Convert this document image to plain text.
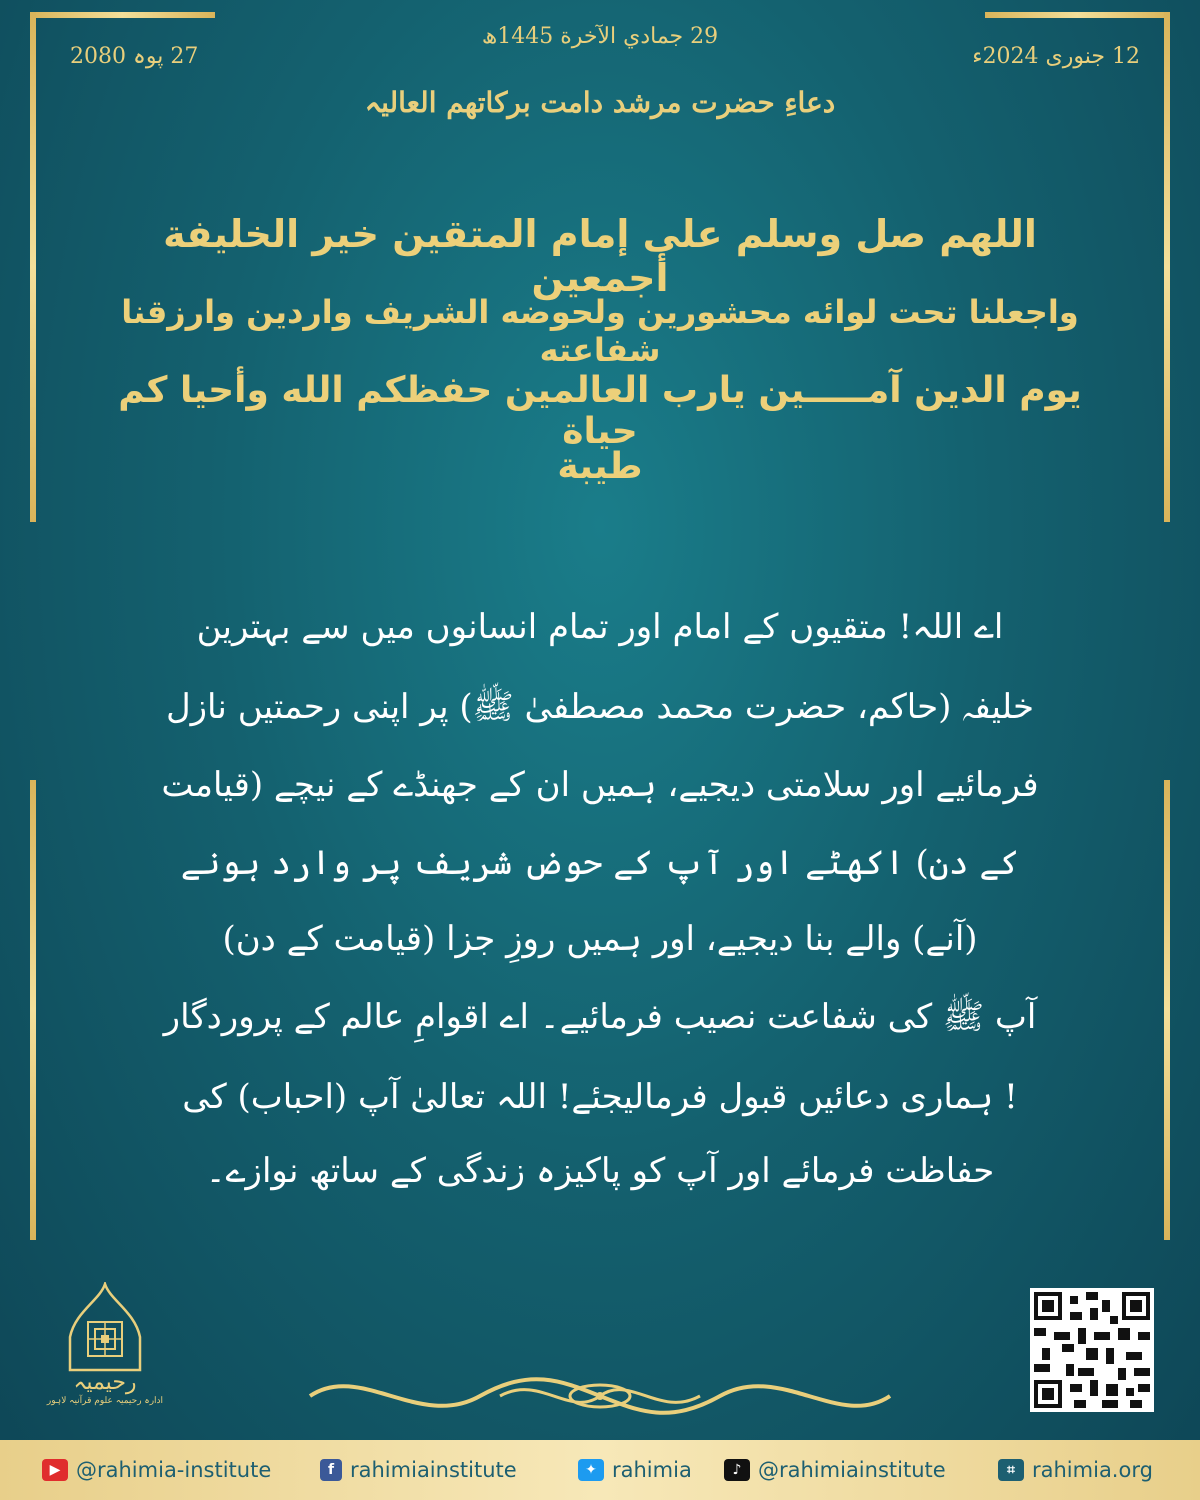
29 جمادي الآخرة 1445ھ
12 جنوری 2024ء
27 پوہ 2080
دعاءِ حضرت مرشد دامت برکاتھم العالیہ
اللهم صل وسلم على إمام المتقين خير الخليفة أجمعين
واجعلنا تحت لوائه محشورين ولحوضه الشريف واردين وارزقنا شفاعته
يوم الدين آمـــــين يارب العالمين حفظكم الله وأحيا كم حياة
طيبة
اے اللہ! متقیوں کے امام اور تمام انسانوں میں سے بہترین
خلیفہ (حاکم، حضرت محمد مصطفیٰ ﷺ) پر اپنی رحمتیں نازل
فرمائیے اور سلامتی دیجیے، ہمیں ان کے جھنڈے کے نیچے (قیامت
کے دن) اکھٹے اور آپ کے حوض شریف پر وارد ہونے
(آنے) والے بنا دیجیے، اور ہمیں روزِ جزا (قیامت کے دن)
آپ ﷺ کی شفاعت نصیب فرمائیے۔ اے اقوامِ عالم کے پروردگار
! ہماری دعائیں قبول فرمالیجئے! اللہ تعالیٰ آپ (احباب) کی
حفاظت فرمائے اور آپ کو پاکیزہ زندگی کے ساتھ نوازے۔
رحیمیہ
ادارہ رحیمیہ علوم قرآنیہ لاہور
▶ @rahimia-institute	f rahimiainstitute	✦ rahimia	♪ @rahimiainstitute	⌗ rahimia.org
